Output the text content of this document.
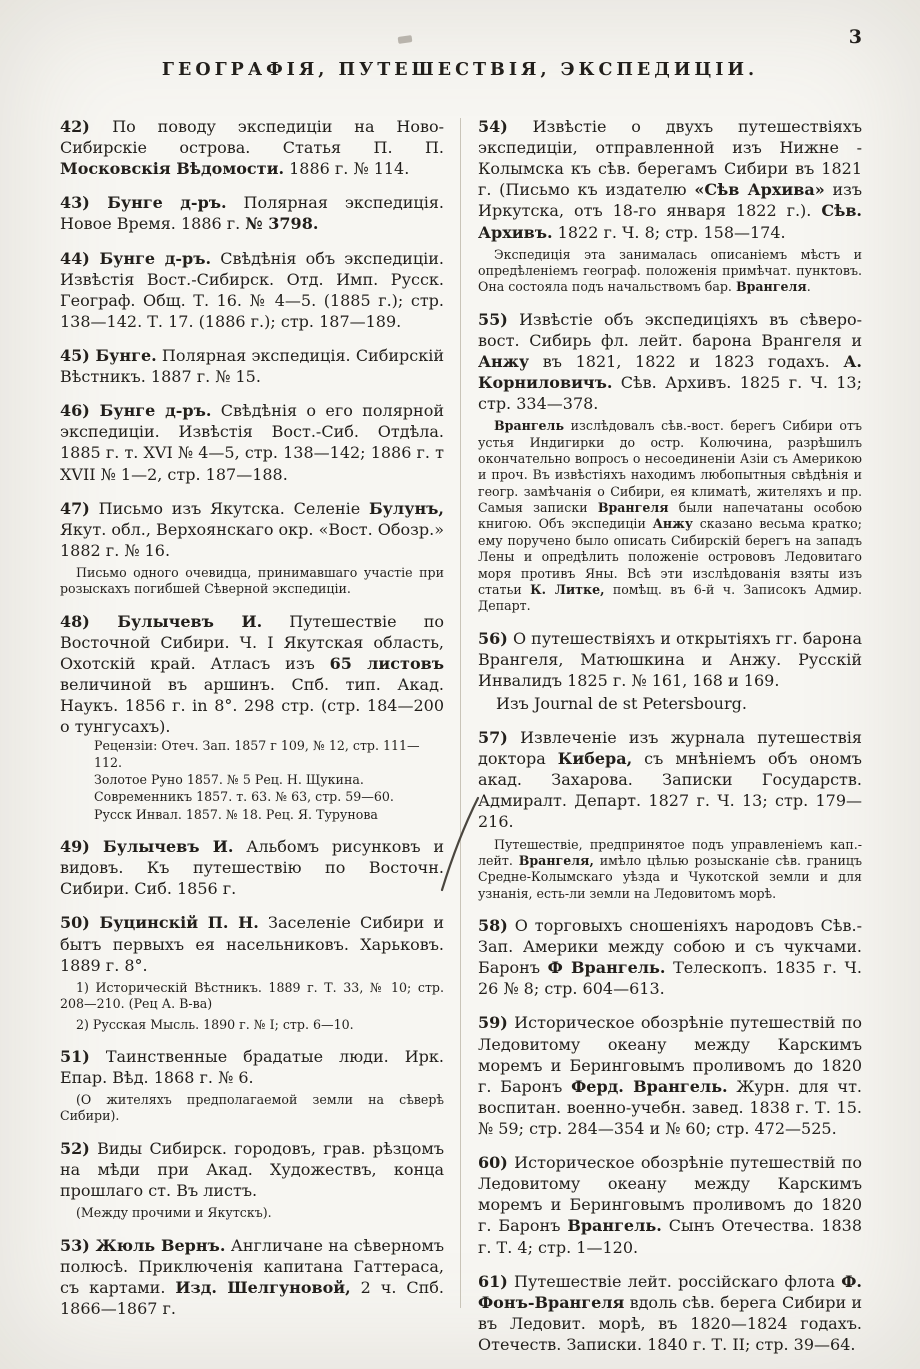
3
ГЕОГРАФІЯ, ПУТЕШЕСТВІЯ, ЭКСПЕДИЦІИ.

42) По поводу экспедиціи на Ново-Сибирскіе острова. Статья П. П. Московскія Вѣдомости. 1886 г. № 114.

43) Бунге д-ръ. Полярная экспедиція. Новое Время. 1886 г. № 3798.

44) Бунге д-ръ. Свѣдѣнія объ экспедиціи. Извѣстія Вост.-Сибирск. Отд. Имп. Русск. Географ. Общ. Т. 16. № 4—5. (1885 г.); стр. 138—142. Т. 17. (1886 г.); стр. 187—189.

45) Бунге. Полярная экспедиція. Сибирскій Вѣстникъ. 1887 г. № 15.

46) Бунге д-ръ. Свѣдѣнія о его полярной экспедиціи. Извѣстія Вост.-Сиб. Отдѣла. 1885 г. т. XVI № 4—5, стр. 138—142; 1886 г. т XVII № 1—2, стр. 187—188.

47) Письмо изъ Якутска. Селеніе Булунъ, Якут. обл., Верхоянскаго окр. «Вост. Обозр.» 1882 г. № 16.

Письмо одного очевидца, принимавшаго участіе при розыскахъ погибшей Сѣверной экспедиціи.

48) Булычевъ И. Путешествіе по Восточной Сибири. Ч. I Якутская область, Охотскій край. Атласъ изъ 65 листовъ величиной въ аршинъ. Спб. тип. Акад. Наукъ. 1856 г. in 8°. 298 стр. (стр. 184—200 о тунгусахъ).

Рецензіи: Отеч. Зап. 1857 г 109, № 12, стр. 111—112.

Золотое Руно 1857. № 5 Рец. Н. Щукина.

Современникъ 1857. т. 63. № 63, стр. 59—60.

Русск Инвал. 1857. № 18. Рец. Я. Турунова

49) Булычевъ И. Альбомъ рисунковъ и видовъ. Къ путешествію по Восточн. Сибири. Сиб. 1856 г.

50) Буцинскій П. Н. Заселеніе Сибири и бытъ первыхъ ея насельниковъ. Харьковъ. 1889 г. 8°.

1) Историческій Вѣстникъ. 1889 г. Т. 33, № 10; стр. 208—210. (Рец А. В-ва)

2) Русская Мысль. 1890 г. № I; стр. 6—10.

51) Таинственные брадатые люди. Ирк. Епар. Вѣд. 1868 г. № 6.

(О жителяхъ предполагаемой земли на сѣверѣ Сибири).

52) Виды Сибирск. городовъ, грав. рѣзцомъ на мѣди при Акад. Художествъ, конца прошлаго ст. Въ листъ.

(Между прочими и Якутскъ).

53) Жюль Вернъ. Англичане на сѣверномъ полюсѣ. Приключенія капитана Гаттераса, съ картами. Изд. Шелгуновой, 2 ч. Спб. 1866—1867 г.

54) Извѣстіе о двухъ путешествіяхъ экспедиціи, отправленной изъ Нижне - Колымска къ сѣв. берегамъ Сибири въ 1821 г. (Письмо къ издателю «Сѣв Архива» изъ Иркутска, отъ 18-го января 1822 г.). Сѣв. Архивъ. 1822 г. Ч. 8; стр. 158—174.

Экспедиція эта занималась описаніемъ мѣстъ и опредѣленіемъ географ. положенія примѣчат. пунктовъ. Она состояла подъ начальствомъ бар. Врангеля.

55) Извѣстіе объ экспедиціяхъ въ сѣверо-вост. Сибирь фл. лейт. барона Врангеля и Анжу въ 1821, 1822 и 1823 годахъ. А. Корниловичъ. Сѣв. Архивъ. 1825 г. Ч. 13; стр. 334—378.

Врангель изслѣдовалъ сѣв.-вост. берегъ Сибири отъ устья Индигирки до остр. Колючина, разрѣшилъ окончательно вопросъ о несоединеніи Азіи съ Америкою и проч. Въ извѣстіяхъ находимъ любопытныя свѣдѣнія и геогр. замѣчанія о Сибири, ея климатѣ, жителяхъ и пр. Самыя записки Врангеля были напечатаны особою книгою. Объ экспедиціи Анжу сказано весьма кратко; ему поручено было описать Сибирскій берегъ на западъ Лены и опредѣлить положеніе острововъ Ледовитаго моря противъ Яны. Всѣ эти изслѣдованія взяты изъ статьи К. Литке, помѣщ. въ 6-й ч. Записокъ Адмир. Департ.

56) О путешествіяхъ и открытіяхъ гг. барона Врангеля, Матюшкина и Анжу. Русскій Инвалидъ 1825 г. № 161, 168 и 169.

Изъ Journal de st Petersbourg.

57) Извлеченіе изъ журнала путешествія доктора Кибера, съ мнѣніемъ объ ономъ акад. Захарова. Записки Государств. Адмиралт. Департ. 1827 г. Ч. 13; стр. 179—216.

Путешествіе, предпринятое подъ управленіемъ кап.-лейт. Врангеля, имѣло цѣлью розысканіе сѣв. границъ Средне-Колымскаго уѣзда и Чукотской земли и для узнанія, есть-ли земли на Ледовитомъ морѣ.

58) О торговыхъ сношеніяхъ народовъ Сѣв.-Зап. Америки между собою и съ чукчами. Баронъ Ф Врангель. Телескопъ. 1835 г. Ч. 26 № 8; стр. 604—613.

59) Историческое обозрѣніе путешествій по Ледовитому океану между Карскимъ моремъ и Беринговымъ проливомъ до 1820 г. Баронъ Ферд. Врангель. Журн. для чт. воспитан. военно-учебн. завед. 1838 г. Т. 15. № 59; стр. 284—354 и № 60; стр. 472—525.

60) Историческое обозрѣніе путешествій по Ледовитому океану между Карскимъ моремъ и Беринговымъ проливомъ до 1820 г. Баронъ Врангель. Сынъ Отечества. 1838 г. Т. 4; стр. 1—120.

61) Путешествіе лейт. россійскаго флота Ф. Фонъ-Врангеля вдоль сѣв. берега Сибири и въ Ледовит. морѣ, въ 1820—1824 годахъ. Отечеств. Записки. 1840 г. Т. II; стр. 39—64.
